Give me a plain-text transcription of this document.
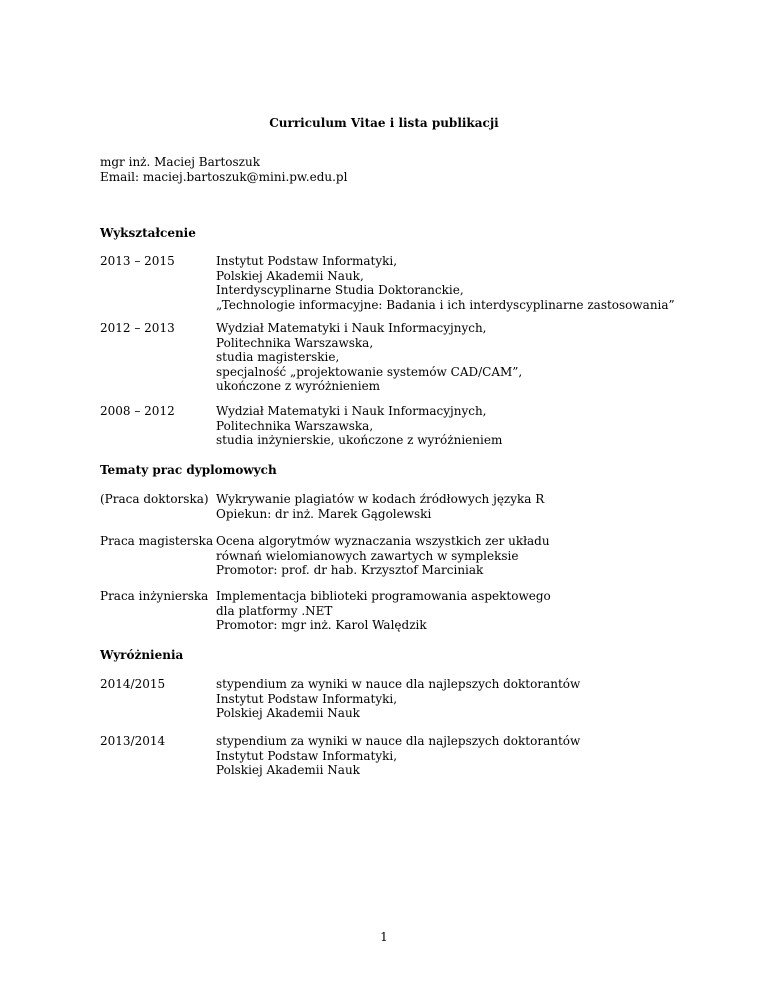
Curriculum Vitae i lista publikacji
mgr inż. Maciej Bartoszuk
Email: maciej.bartoszuk@mini.pw.edu.pl
Wykształcenie
2013 – 2015	Instytut Podstaw Informatyki,
Polskiej Akademii Nauk,
Interdyscyplinarne Studia Doktoranckie,
„Technologie informacyjne: Badania i ich interdyscyplinarne zastosowania”
2012 – 2013	Wydział Matematyki i Nauk Informacyjnych,
Politechnika Warszawska,
studia magisterskie,
specjalność „projektowanie systemów CAD/CAM”,
ukończone z wyróżnieniem
2008 – 2012	Wydział Matematyki i Nauk Informacyjnych,
Politechnika Warszawska,
studia inżynierskie, ukończone z wyróżnieniem
Tematy prac dyplomowych
(Praca doktorska) Wykrywanie plagiatów w kodach źródłowych języka R
Opiekun: dr inż. Marek Gągolewski
Praca magisterska Ocena algorytmów wyznaczania wszystkich zer układu
równań wielomianowych zawartych w sympleksie
Promotor: prof. dr hab. Krzysztof Marciniak
Praca inżynierska Implementacja biblioteki programowania aspektowego
dla platformy .NET
Promotor: mgr inż. Karol Walędzik
Wyróżnienia
2014/2015	stypendium za wyniki w nauce dla najlepszych doktorantów
Instytut Podstaw Informatyki,
Polskiej Akademii Nauk
2013/2014	stypendium za wyniki w nauce dla najlepszych doktorantów
Instytut Podstaw Informatyki,
Polskiej Akademii Nauk
1
